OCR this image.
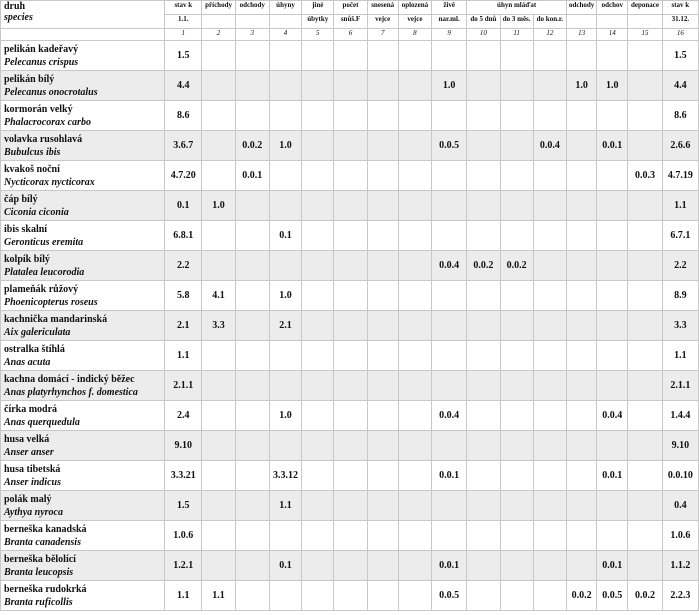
druh
species	stav k	příchody	odchody	úhyny	jiné	počet	snesená	oplozená	živě	úhyn mláďat			odchody	odchov	deponace	stav k
	1.1.				úbytky	snůš.F	vejce	vejce	nar.ml.	do 5 dnů	do 3 měs.	do kon.r.				31.12.
	1	2	3	4	5	6	7	8	9	10	11	12	13	14	15	16

pelikán kadeřavý
Pelecanus crispus	1.5															1.5

pelikán bílý
Pelecanus onocrotalus	4.4								1.0				1.0	1.0		4.4

kormorán velký
Phalacrocorax carbo	8.6															8.6

volavka rusohlavá
Bubulcus ibis	3.6.7		0.0.2	1.0					0.0.5			0.0.4		0.0.1		2.6.6

kvakoš noční
Nycticorax nycticorax	4.7.20		0.0.1												0.0.3	4.7.19

čáp bílý
Ciconia ciconia	0.1	1.0														1.1

ibis skalní
Geronticus eremita	6.8.1			0.1												6.7.1

kolpík bílý
Platalea leucorodia	2.2								0.0.4	0.0.2	0.0.2					2.2

plameňák růžový
Phoenicopterus roseus	5.8	4.1		1.0												8.9

kachnička mandarinská
Aix galericulata	2.1	3.3		2.1												3.3

ostralka štíhlá
Anas acuta	1.1															1.1

kachna domácí - indický běžec
Anas platyrhynchos f. domestica	2.1.1															2.1.1

čírka modrá
Anas querquedula	2.4			1.0					0.0.4					0.0.4		1.4.4

husa velká
Anser anser	9.10															9.10

husa tibetská
Anser indicus	3.3.21			3.3.12					0.0.1					0.0.1		0.0.10

polák malý
Aythya nyroca	1.5			1.1												0.4

berneška kanadská
Branta canadensis	1.0.6															1.0.6

berneška bělolící
Branta leucopsis	1.2.1			0.1					0.0.1					0.0.1		1.1.2

berneška rudokrká
Branta ruficollis	1.1	1.1							0.0.5				0.0.2	0.0.5	0.0.2	2.2.3
